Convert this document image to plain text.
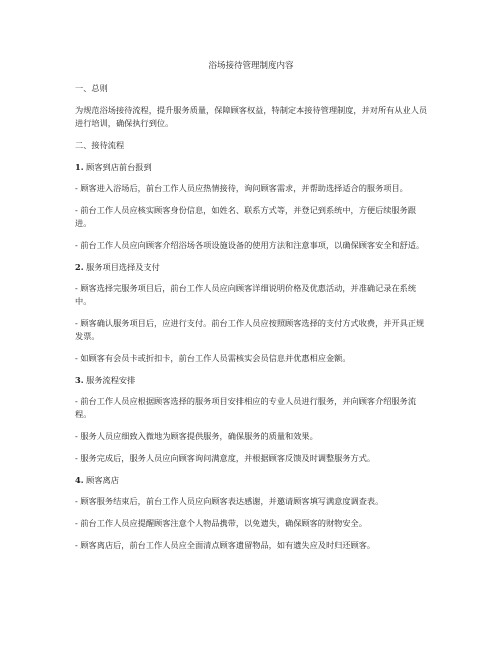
浴场接待管理制度内容

一、总则

为规范浴场接待流程，提升服务质量，保障顾客权益，特制定本接待管理制度，并对所有从业人员进行培训，确保执行到位。

二、接待流程

1. 顾客到店前台报到

- 顾客进入浴场后，前台工作人员应热情接待，询问顾客需求，并帮助选择适合的服务项目。

- 前台工作人员应核实顾客身份信息，如姓名、联系方式等，并登记到系统中，方便后续服务跟进。

- 前台工作人员应向顾客介绍浴场各项设施设备的使用方法和注意事项，以确保顾客安全和舒适。

2. 服务项目选择及支付

- 顾客选择完服务项目后，前台工作人员应向顾客详细说明价格及优惠活动，并准确记录在系统中。

- 顾客确认服务项目后，应进行支付。前台工作人员应按照顾客选择的支付方式收费，并开具正规发票。

- 如顾客有会员卡或折扣卡，前台工作人员需核实会员信息并优惠相应金额。

3. 服务流程安排

- 前台工作人员应根据顾客选择的服务项目安排相应的专业人员进行服务，并向顾客介绍服务流程。

- 服务人员应细致入微地为顾客提供服务，确保服务的质量和效果。

- 服务完成后，服务人员应向顾客询问满意度，并根据顾客反馈及时调整服务方式。

4. 顾客离店

- 顾客服务结束后，前台工作人员应向顾客表达感谢，并邀请顾客填写满意度调查表。

- 前台工作人员应提醒顾客注意个人物品携带，以免遗失，确保顾客的财物安全。

- 顾客离店后，前台工作人员应全面清点顾客遗留物品，如有遗失应及时归还顾客。
